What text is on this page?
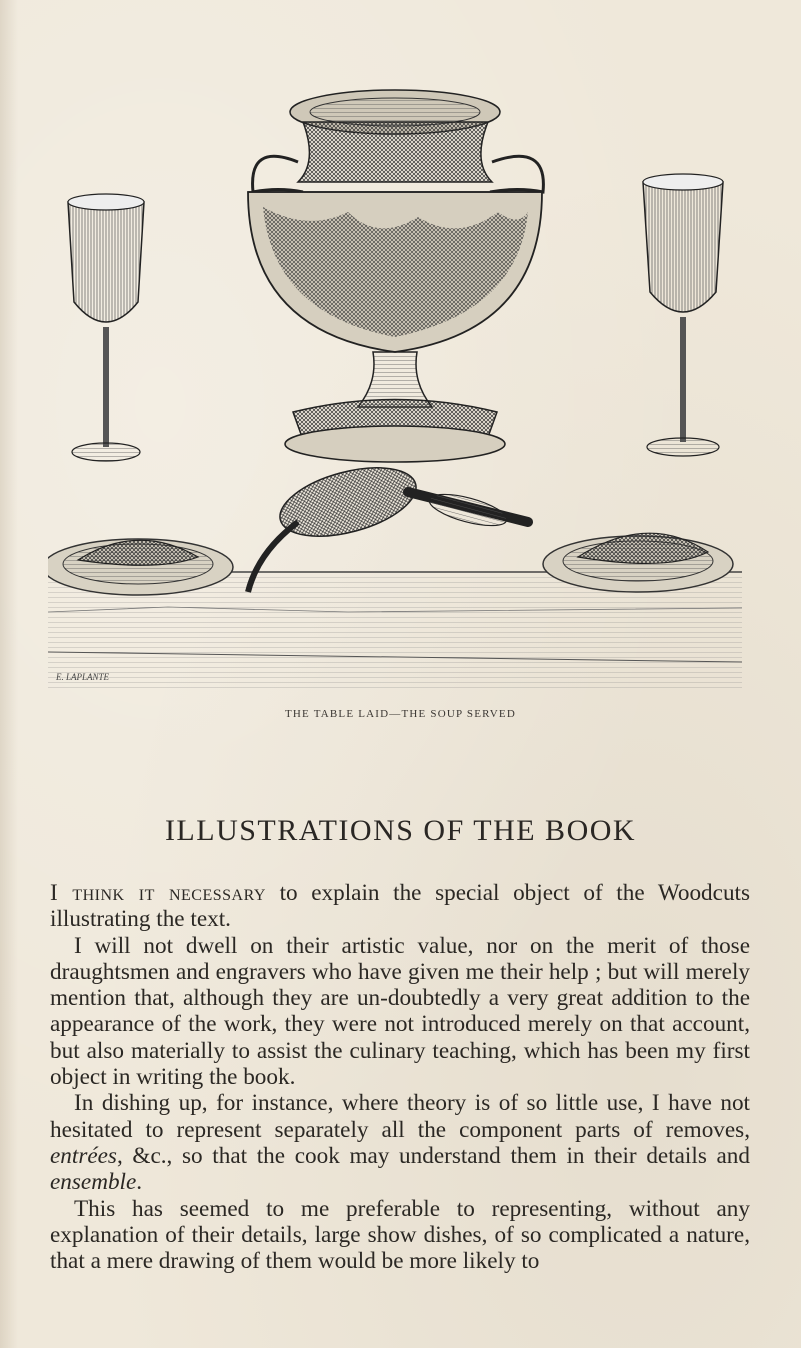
E. LAPLANTE
THE TABLE LAID—THE SOUP SERVED
ILLUSTRATIONS OF THE BOOK

I think it necessary to explain the special object of the Woodcuts illustrating the text.

I will not dwell on their artistic value, nor on the merit of those draughtsmen and engravers who have given me their help ; but will merely mention that, although they are un-doubtedly a very great addition to the appearance of the work, they were not introduced merely on that account, but also materially to assist the culinary teaching, which has been my first object in writing the book.

In dishing up, for instance, where theory is of so little use, I have not hesitated to represent separately all the component parts of removes, entrées, &c., so that the cook may understand them in their details and ensemble.

This has seemed to me preferable to representing, without any explanation of their details, large show dishes, of so complicated a nature, that a mere drawing of them would be more likely to
